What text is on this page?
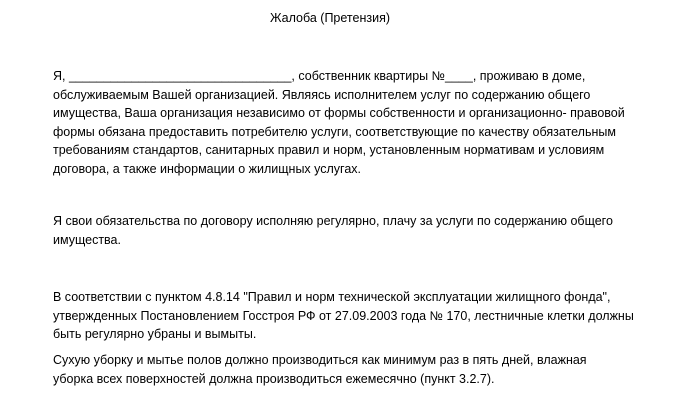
Жалоба (Претензия)
Я, ________________________________, собственник квартиры №____, проживаю в доме,
обслуживаемым Вашей организацией. Являясь исполнителем услуг по содержанию общего
имущества, Ваша организация независимо от формы собственности и организационно- правовой
формы обязана предоставить потребителю услуги, соответствующие по качеству обязательным
требованиям стандартов, санитарных правил и норм, установленным нормативам и условиям
договора, а также информации о жилищных услугах.
Я свои обязательства по договору исполняю регулярно, плачу за услуги по содержанию общего
имущества.
В соответствии с пунктом 4.8.14 "Правил и норм технической эксплуатации жилищного фонда",
утвержденных Постановлением Госстроя РФ от 27.09.2003 года № 170, лестничные клетки должны
быть регулярно убраны и вымыты.
Сухую уборку и мытье полов должно производиться как минимум раз в пять дней, влажная
уборка всех поверхностей должна производиться ежемесячно (пункт 3.2.7).
